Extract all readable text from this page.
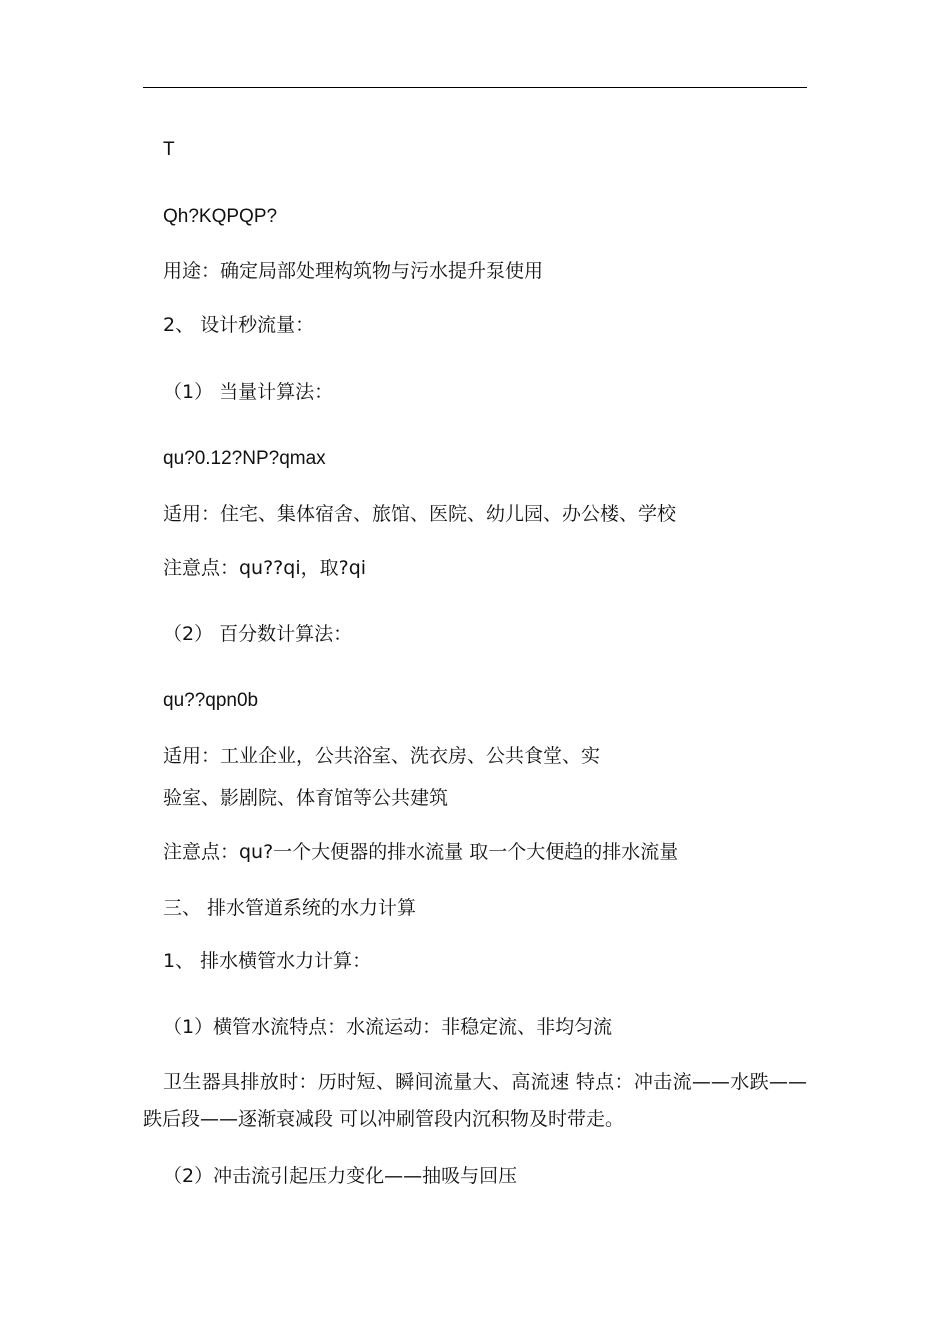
T
Qh?KQPQP?
用途：确定局部处理构筑物与污水提升泵使用
2、 设计秒流量：
（1） 当量计算法：
qu?0.12?NP?qmax
适用：住宅、集体宿舍、旅馆、医院、幼儿园、办公楼、学校
注意点：qu??qi，取?qi
（2） 百分数计算法：
qu??qpn0b
适用：工业企业，公共浴室、洗衣房、公共食堂、实
验室、影剧院、体育馆等公共建筑
注意点：qu?一个大便器的排水流量 取一个大便趋的排水流量
三、 排水管道系统的水力计算
1、 排水横管水力计算：
（1）横管水流特点：水流运动：非稳定流、非均匀流
卫生器具排放时：历时短、瞬间流量大、高流速 特点：冲击流——水跌——跌后段——逐渐衰减段 可以冲刷管段内沉积物及时带走。
（2）冲击流引起压力变化——抽吸与回压
